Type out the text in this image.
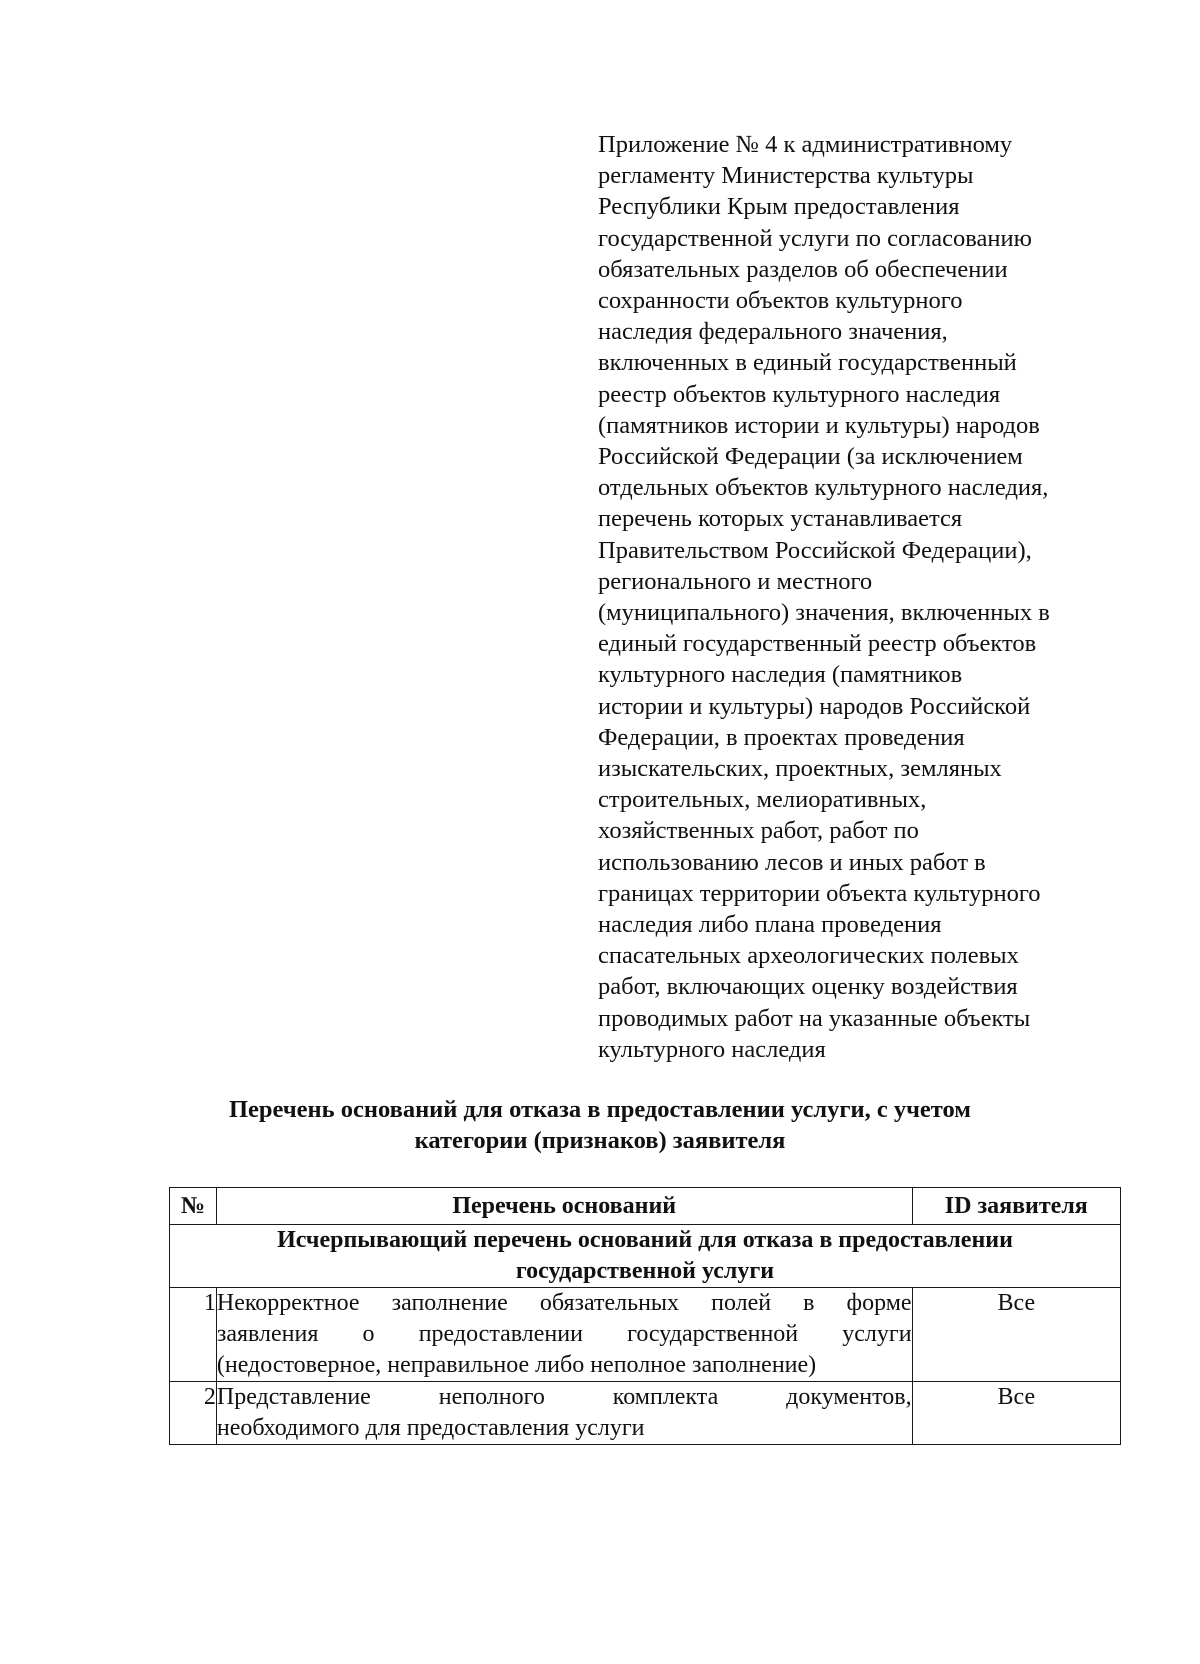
Приложение № 4 к административному
регламенту Министерства культуры
Республики Крым предоставления
государственной услуги по согласованию
обязательных разделов об обеспечении
сохранности объектов культурного
наследия федерального значения,
включенных в единый государственный
реестр объектов культурного наследия
(памятников истории и культуры) народов
Российской Федерации (за исключением
отдельных объектов культурного наследия,
перечень которых устанавливается
Правительством Российской Федерации),
регионального и местного
(муниципального) значения, включенных в
единый государственный реестр объектов
культурного наследия (памятников
истории и культуры) народов Российской
Федерации, в проектах проведения
изыскательских, проектных, земляных
строительных, мелиоративных,
хозяйственных работ, работ по
использованию лесов и иных работ в
границах территории объекта культурного
наследия либо плана проведения
спасательных археологических полевых
работ, включающих оценку воздействия
проводимых работ на указанные объекты
культурного наследия
Перечень оснований для отказа в предоставлении услуги, с учетом
категории (признаков) заявителя
№	Перечень оснований	ID заявителя

Исчерпывающий перечень оснований для отказа в предоставлении
государственной услуги		

1	Некорректное заполнение обязательных полей в форме
заявления о предоставлении государственной услуги
(недостоверное, неправильное либо неполное заполнение)	Все
2	Представление неполного комплекта документов,
необходимого для предоставления услуги	Все
